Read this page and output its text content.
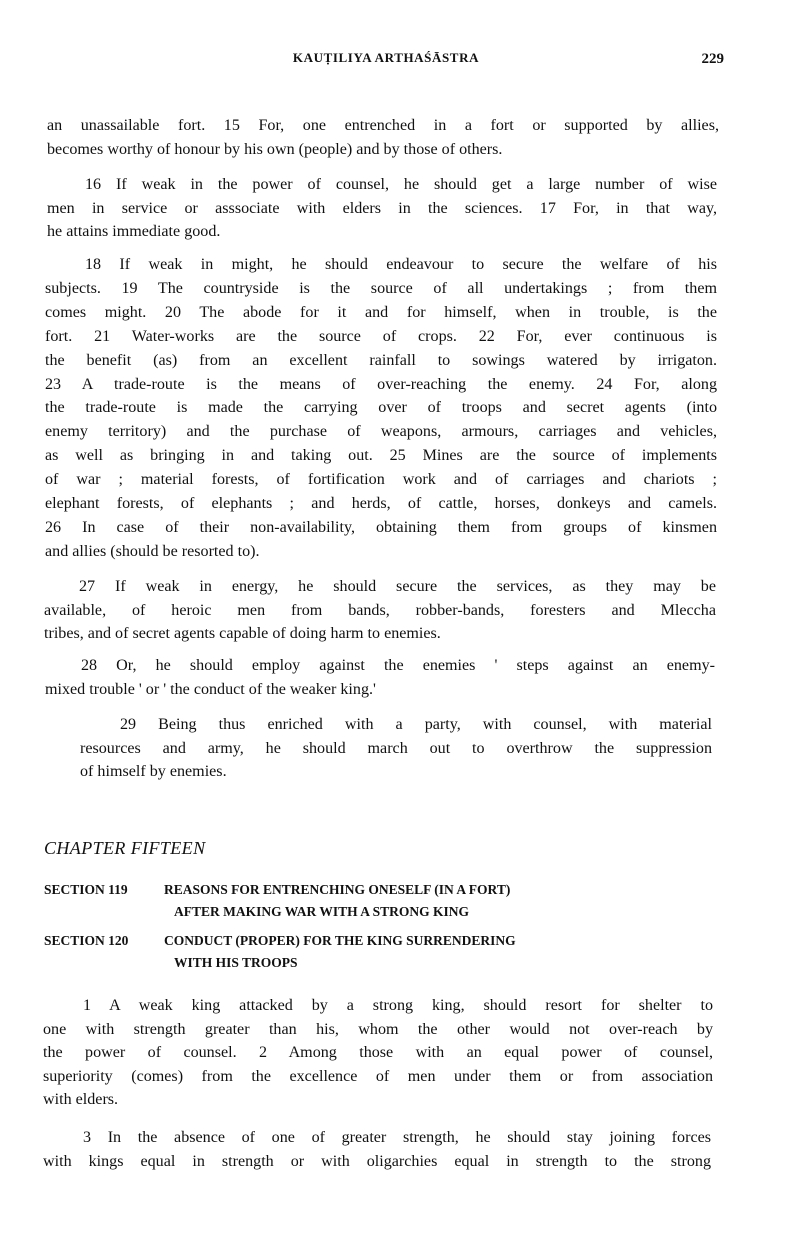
KAUṬILIYA ARTHAŚĀSTRA	229
an unassailable fort. 15 For, one entrenched in a fort or supported by allies,
becomes worthy of honour by his own (people) and by those of others.
16 If weak in the power of counsel, he should get a large number of wise
men in service or asssociate with elders in the sciences. 17 For, in that way,
he attains immediate good.
18 If weak in might, he should endeavour to secure the welfare of his
subjects. 19 The countryside is the source of all undertakings ; from them
comes might. 20 The abode for it and for himself, when in trouble, is the
fort. 21 Water-works are the source of crops. 22 For, ever continuous is
the benefit (as) from an excellent rainfall to sowings watered by irrigaton.
23 A trade-route is the means of over-reaching the enemy. 24 For, along
the trade-route is made the carrying over of troops and secret agents (into
enemy territory) and the purchase of weapons, armours, carriages and vehicles,
as well as bringing in and taking out. 25 Mines are the source of implements
of war ; material forests, of fortification work and of carriages and chariots ;
elephant forests, of elephants ; and herds, of cattle, horses, donkeys and camels.
26 In case of their non-availability, obtaining them from groups of kinsmen
and allies (should be resorted to).
27 If weak in energy, he should secure the services, as they may be
available, of heroic men from bands, robber-bands, foresters and Mleccha
tribes, and of secret agents capable of doing harm to enemies.
28 Or, he should employ against the enemies ' steps against an enemy-
mixed trouble ' or ' the conduct of the weaker king.'
29 Being thus enriched with a party, with counsel, with material
resources and army, he should march out to overthrow the suppression
of himself by enemies.
CHAPTER FIFTEEN
SECTION 119	REASONS FOR ENTRENCHING ONESELF (IN A FORT)
AFTER MAKING WAR WITH A STRONG KING
SECTION 120	CONDUCT (PROPER) FOR THE KING SURRENDERING
WITH HIS TROOPS
1 A weak king attacked by a strong king, should resort for shelter to
one with strength greater than his, whom the other would not over-reach by
the power of counsel. 2 Among those with an equal power of counsel,
superiority (comes) from the excellence of men under them or from association
with elders.
3 In the absence of one of greater strength, he should stay joining forces
with kings equal in strength or with oligarchies equal in strength to the strong
